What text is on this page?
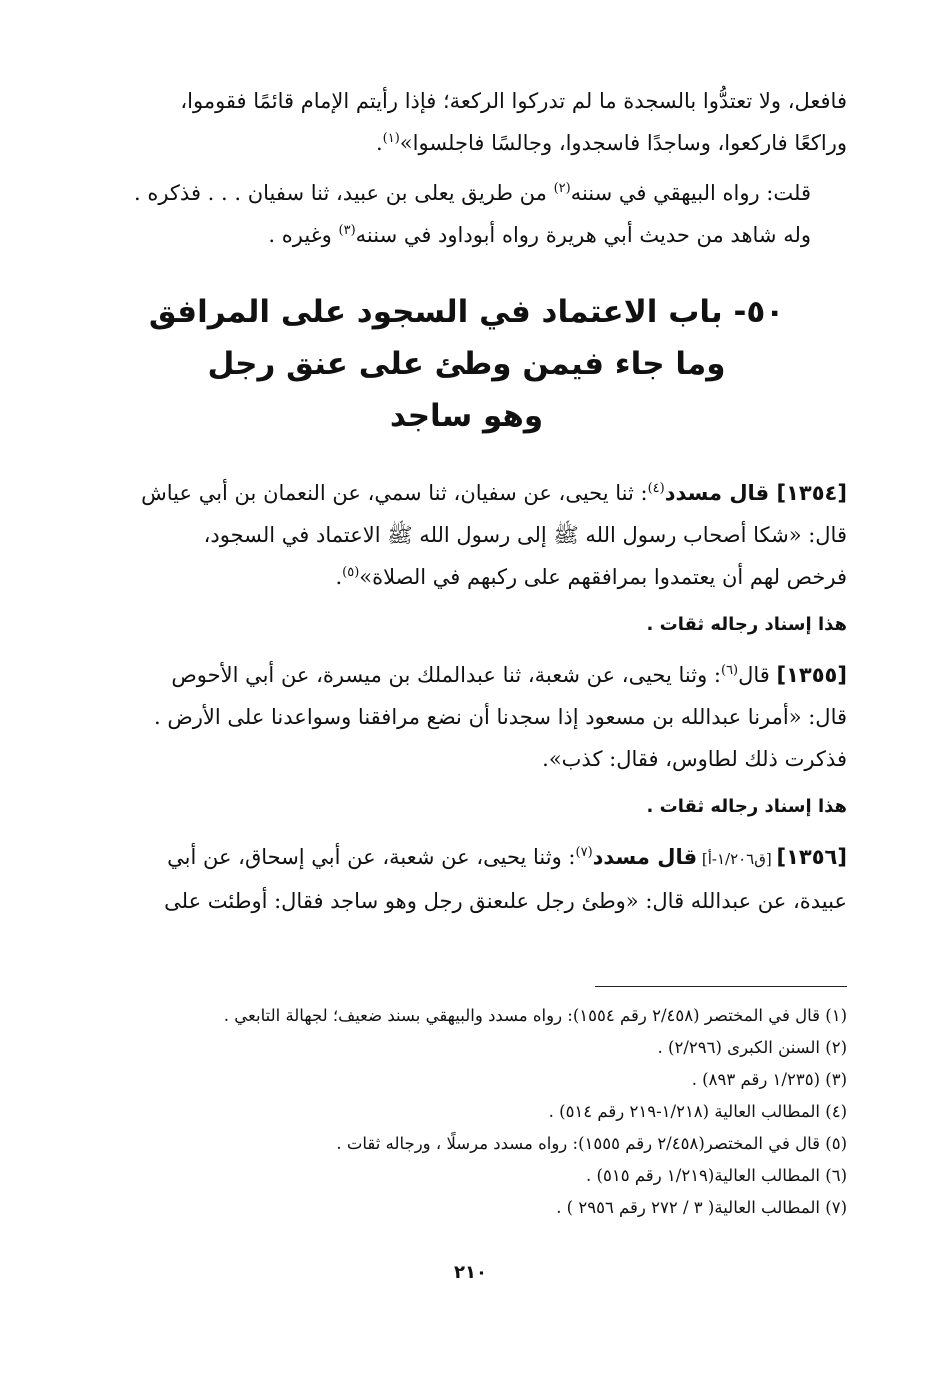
فافعل، ولا تعتدُّوا بالسجدة ما لم تدركوا الركعة؛ فإذا رأيتم الإمام قائمًا فقوموا،

وراكعًا فاركعوا، وساجدًا فاسجدوا، وجالسًا فاجلسوا»$^{(١)}$.

قلت: رواه البيهقي في سننه$^{(٢)}$ من طريق يعلى بن عبيد، ثنا سفيان . . . فذكره .

وله شاهد من حديث أبي هريرة رواه أبوداود في سننه$^{(٣)}$ وغيره .

٥٠- باب الاعتماد في السجود على المرافق
وما جاء فيمن وطئ على عنق رجل
وهو ساجد

[١٣٥٤] قال مسدد$^{(٤)}$: ثنا يحيى، عن سفيان، ثنا سمي، عن النعمان بن أبي عياش

قال: «شكا أصحاب رسول الله ﷺ إلى رسول الله ﷺ الاعتماد في السجود،

فرخص لهم أن يعتمدوا بمرافقهم على ركبهم في الصلاة»$^{(٥)}$.

هذا إسناد رجاله ثقات .

[١٣٥٥] قال$^{(٦)}$: وثنا يحيى، عن شعبة، ثنا عبدالملك بن ميسرة، عن أبي الأحوص

قال: «أمرنا عبدالله بن مسعود إذا سجدنا أن نضع مرافقنا وسواعدنا على الأرض .

فذكرت ذلك لطاوس، فقال: كذب».

هذا إسناد رجاله ثقات .

[١٣٥٦] [ق١/٢٠٦-أ] قال مسدد$^{(٧)}$: وثنا يحيى، عن شعبة، عن أبي إسحاق، عن أبي

عبيدة، عن عبدالله قال: «وطئ رجل علىعنق رجل وهو ساجد فقال: أوطئت على

(١) قال في المختصر (٢/٤٥٨ رقم ١٥٥٤): رواه مسدد والبيهقي بسند ضعيف؛ لجهالة التابعي .
(٢) السنن الكبرى (٢/٢٩٦) .
(٣) (١/٢٣٥ رقم ٨٩٣) .
(٤) المطالب العالية (١/٢١٨-٢١٩ رقم ٥١٤) .
(٥) قال في المختصر(٢/٤٥٨ رقم ١٥٥٥): رواه مسدد مرسلًا ، ورجاله ثقات .
(٦) المطالب العالية(١/٢١٩ رقم ٥١٥) .
(٧) المطالب العالية( ٣ / ٢٧٢ رقم ٢٩٥٦ ) .
٢١٠
